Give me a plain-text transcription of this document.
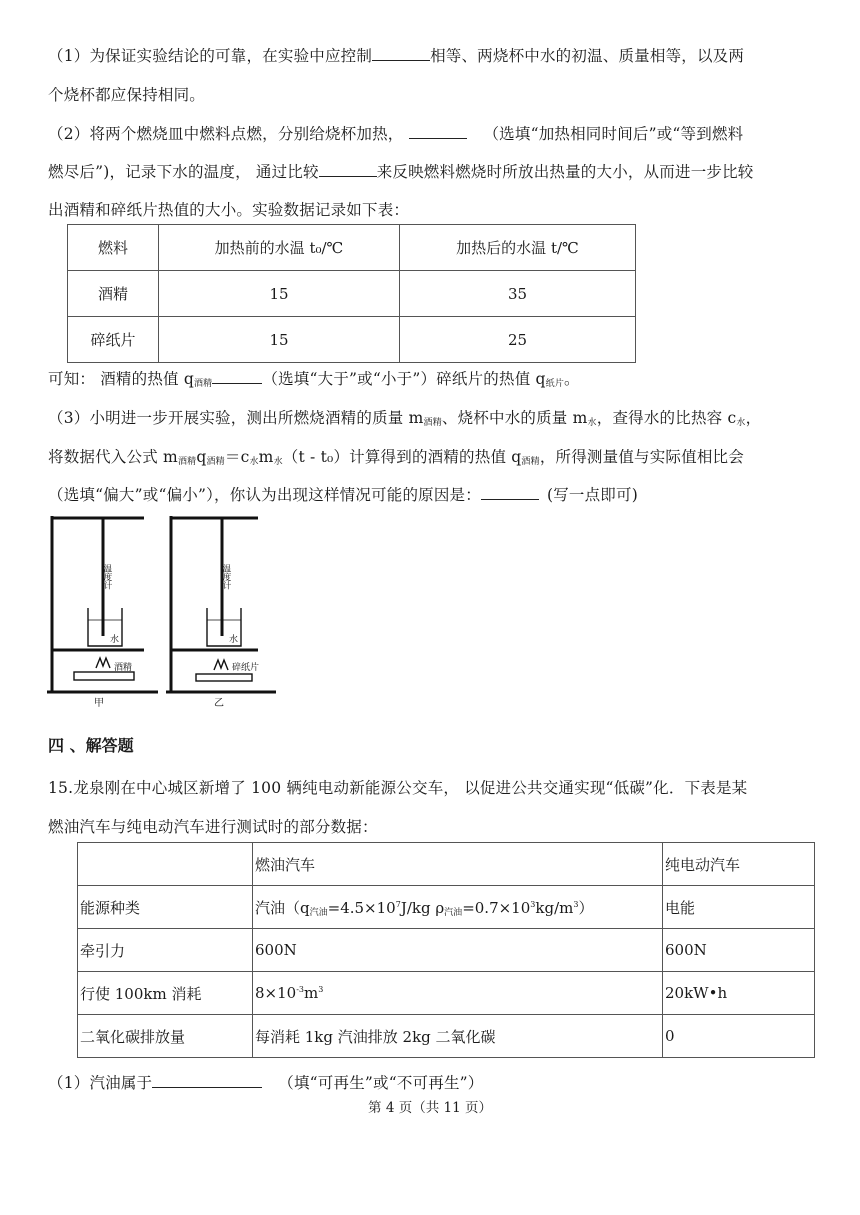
（1）为保证实验结论的可靠，在实验中应控制	相等、两烧杯中水的初温、质量相等，以及两
个烧杯都应保持相同。
（2）将两个燃烧皿中燃料点燃，分别给烧杯加热，	（选填“加热相同时间后”或“等到燃料
燃尽后”)，记录下水的温度， 通过比较	来反映燃料燃烧时所放出热量的大小，从而进一步比较
出酒精和碎纸片热值的大小。实验数据记录如下表：
燃料	加热前的水温 t₀/℃	加热后的水温 t/℃
酒精	15	35
碎纸片	15	25
可知： 酒精的热值 $q_{酒精}$	（选填“大于”或“小于”）碎纸片的热值 $q_{纸片}$。
（3）小明进一步开展实验，测出所燃烧酒精的质量 $m_{酒精}$、烧杯中水的质量 $m_水$，查得水的比热容 $c_水$，
将数据代入公式 $m_{酒精}q_{酒精}=c_水m_水(t - t_0)$计算得到的酒精的热值 $q_{酒精}$，所得测量值与实际值相比会
（选填“偏大”或“偏小”），你认为出现这样情况可能的原因是：	(写一点即可)
温度计
水
酒精
甲
温度计
水
碎纸片
乙
四 、解答题
15.龙泉刚在中心城区新增了 100 辆纯电动新能源公交车， 以促进公共交通实现“低碳”化．下表是某
燃油汽车与纯电动汽车进行测试时的部分数据：
	燃油汽车	纯电动汽车
能源种类	汽油（$q_{汽油}=4.5\times 10^7J/kg$ $\rho_{汽油}=0.7\times 10^3kg/m^3$）	电能
牵引力	600N	600N
行使 100km 消耗	$8\times 10^{-3}m^3$	20kW•h
二氧化碳排放量	每消耗 1kg 汽油排放 2kg 二氧化碳	0
（1）汽油属于	（填“可再生”或“不可再生”）
第 4 页（共 11 页）
